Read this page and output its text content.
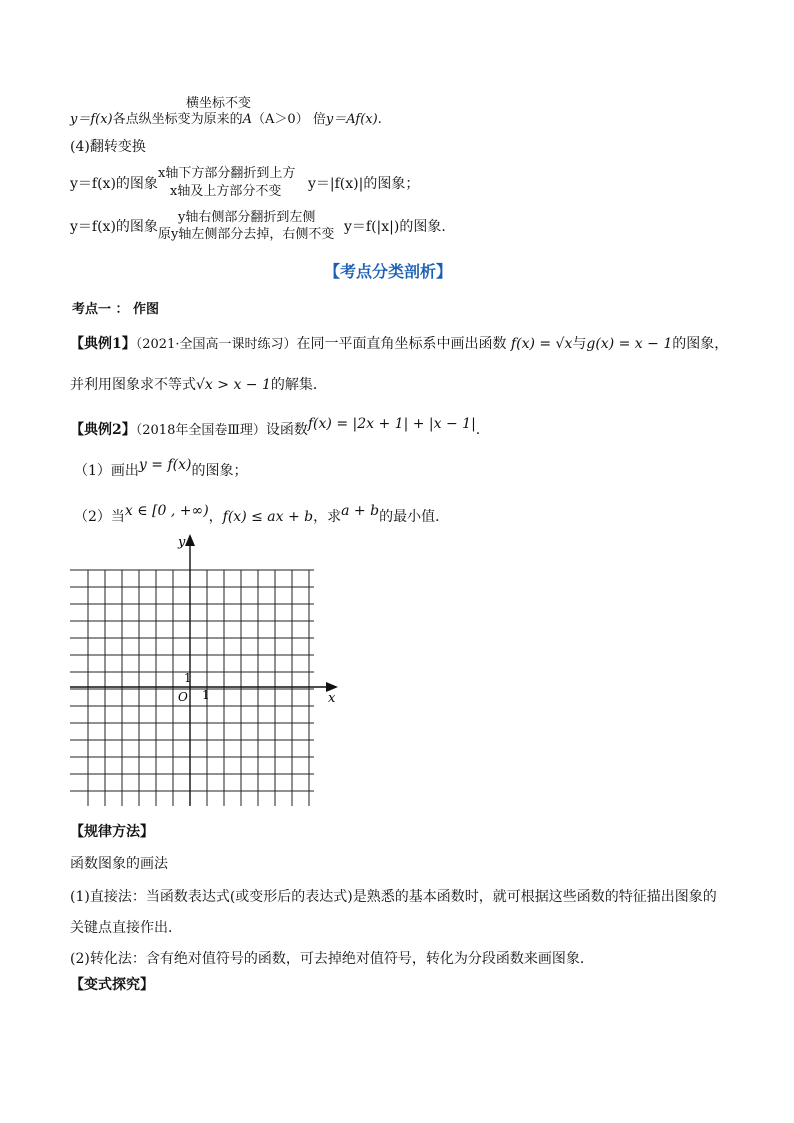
横坐标不变
y＝f(x)各点纵坐标变为原来的A（A＞0） 倍y＝Af(x).
(4)翻转变换
x轴下方部分翻折到上方
y＝f(x)的图象 x轴及上方部分不变 y＝|f(x)|的图象；
y轴右侧部分翻折到左侧
y＝f(x)的图象 原y轴左侧部分去掉，右侧不变 y＝f(|x|)的图象.
【考点分类剖析】
考点一 ： 作图
【典例1】（2021·全国高一课时练习）在同一平面直角坐标系中画出函数 f(x) = √x与g(x) = x − 1的图象，
并利用图象求不等式√x > x − 1的解集．
【典例2】（2018年全国卷Ⅲ理）设函数f(x) = |2x + 1| + |x − 1|.
（1）画出y = f(x)的图象；
（2）当x ∈ [0 , +∞)，f(x) ≤ ax + b，求a + b的最小值．
y
x
O 1
1
【规律方法】
函数图象的画法
(1)直接法：当函数表达式(或变形后的表达式)是熟悉的基本函数时，就可根据这些函数的特征描出图象的
关键点直接作出．
(2)转化法：含有绝对值符号的函数，可去掉绝对值符号，转化为分段函数来画图象．
【变式探究】
